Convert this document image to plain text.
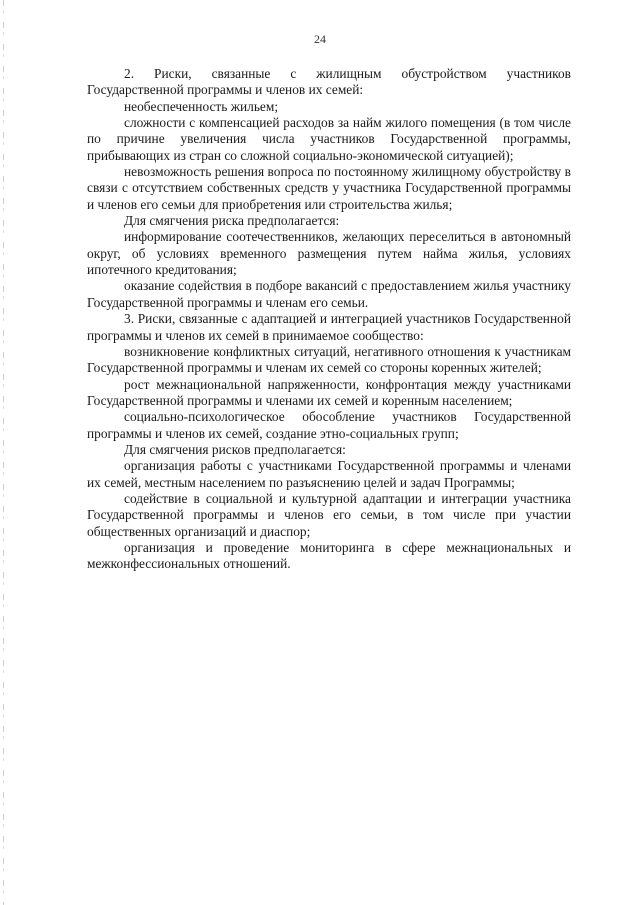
24

2. Риски, связанные с жилищным обустройством участников Государственной программы и членов их семей:

необеспеченность жильем;

сложности с компенсацией расходов за найм жилого помещения (в том числе по причине увеличения числа участников Государственной программы, прибывающих из стран со сложной социально-экономической ситуацией);

невозможность решения вопроса по постоянному жилищному обустройству в связи с отсутствием собственных средств у участника Государственной программы и членов его семьи для приобретения или строительства жилья;

Для смягчения риска предполагается:

информирование соотечественников, желающих переселиться в автономный округ, об условиях временного размещения путем найма жилья, условиях ипотечного кредитования;

оказание содействия в подборе вакансий с предоставлением жилья участнику Государственной программы и членам его семьи.

3. Риски, связанные с адаптацией и интеграцией участников Государственной программы и членов их семей в принимаемое сообщество:

возникновение конфликтных ситуаций, негативного отношения к участникам Государственной программы и членам их семей со стороны коренных жителей;

рост межнациональной напряженности, конфронтация между участниками Государственной программы и членами их семей и коренным населением;

социально-психологическое обособление участников Государственной программы и членов их семей, создание этно-социальных групп;

Для смягчения рисков предполагается:

организация работы с участниками Государственной программы и членами их семей, местным населением по разъяснению целей и задач Программы;

содействие в социальной и культурной адаптации и интеграции участника Государственной программы и членов его семьи, в том числе при участии общественных организаций и диаспор;

организация и проведение мониторинга в сфере межнациональных и межконфессиональных отношений.
